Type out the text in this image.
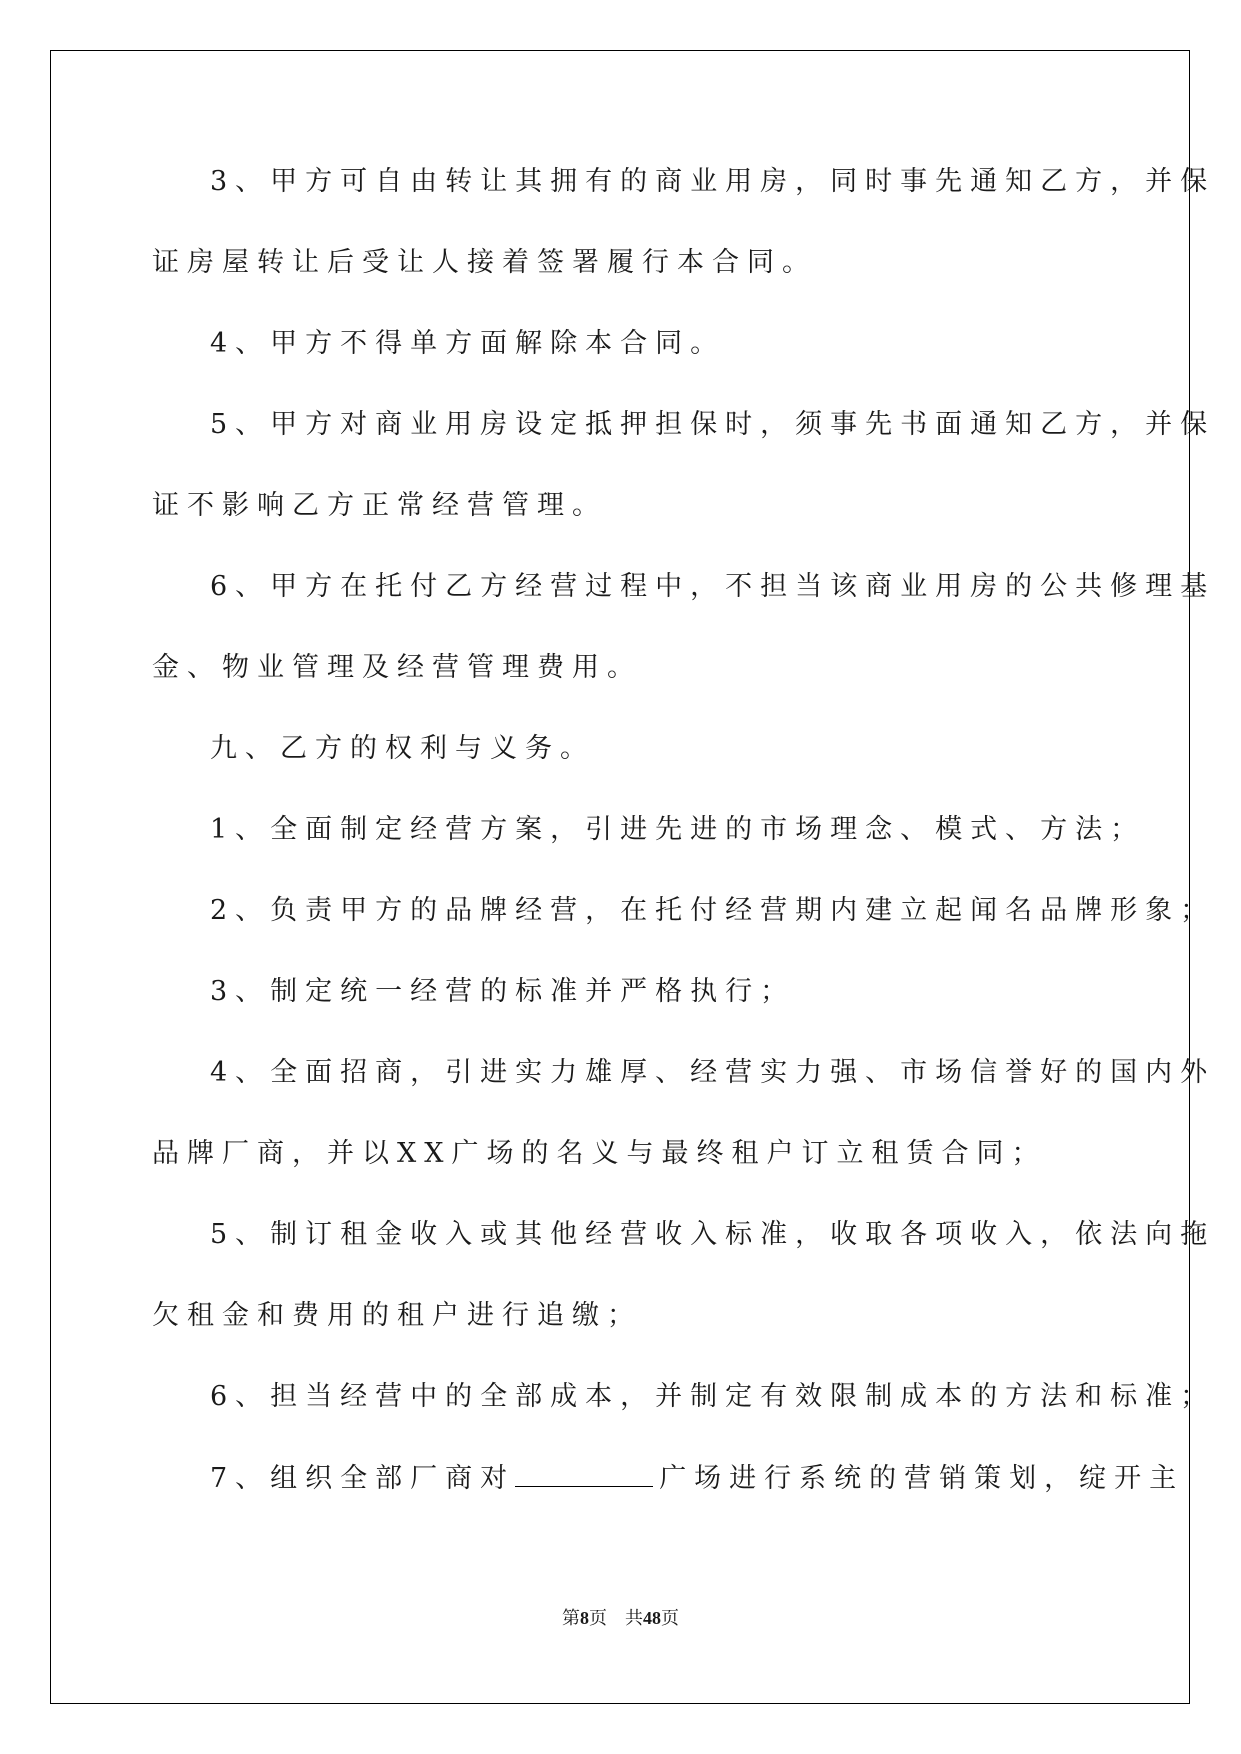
3、甲方可自由转让其拥有的商业用房，同时事先通知乙方，并保
证房屋转让后受让人接着签署履行本合同。
4、甲方不得单方面解除本合同。
5、甲方对商业用房设定抵押担保时，须事先书面通知乙方，并保
证不影响乙方正常经营管理。
6、甲方在托付乙方经营过程中，不担当该商业用房的公共修理基
金、物业管理及经营管理费用。
九、乙方的权利与义务。
1、全面制定经营方案，引进先进的市场理念、模式、方法；
2、负责甲方的品牌经营，在托付经营期内建立起闻名品牌形象；
3、制定统一经营的标准并严格执行；
4、全面招商，引进实力雄厚、经营实力强、市场信誉好的国内外
品牌厂商，并以XX广场的名义与最终租户订立租赁合同；
5、制订租金收入或其他经营收入标准，收取各项收入，依法向拖
欠租金和费用的租户进行追缴；
6、担当经营中的全部成本，并制定有效限制成本的方法和标准；
7、组织全部厂商对	广场进行系统的营销策划，绽开主
第8页 共48页
